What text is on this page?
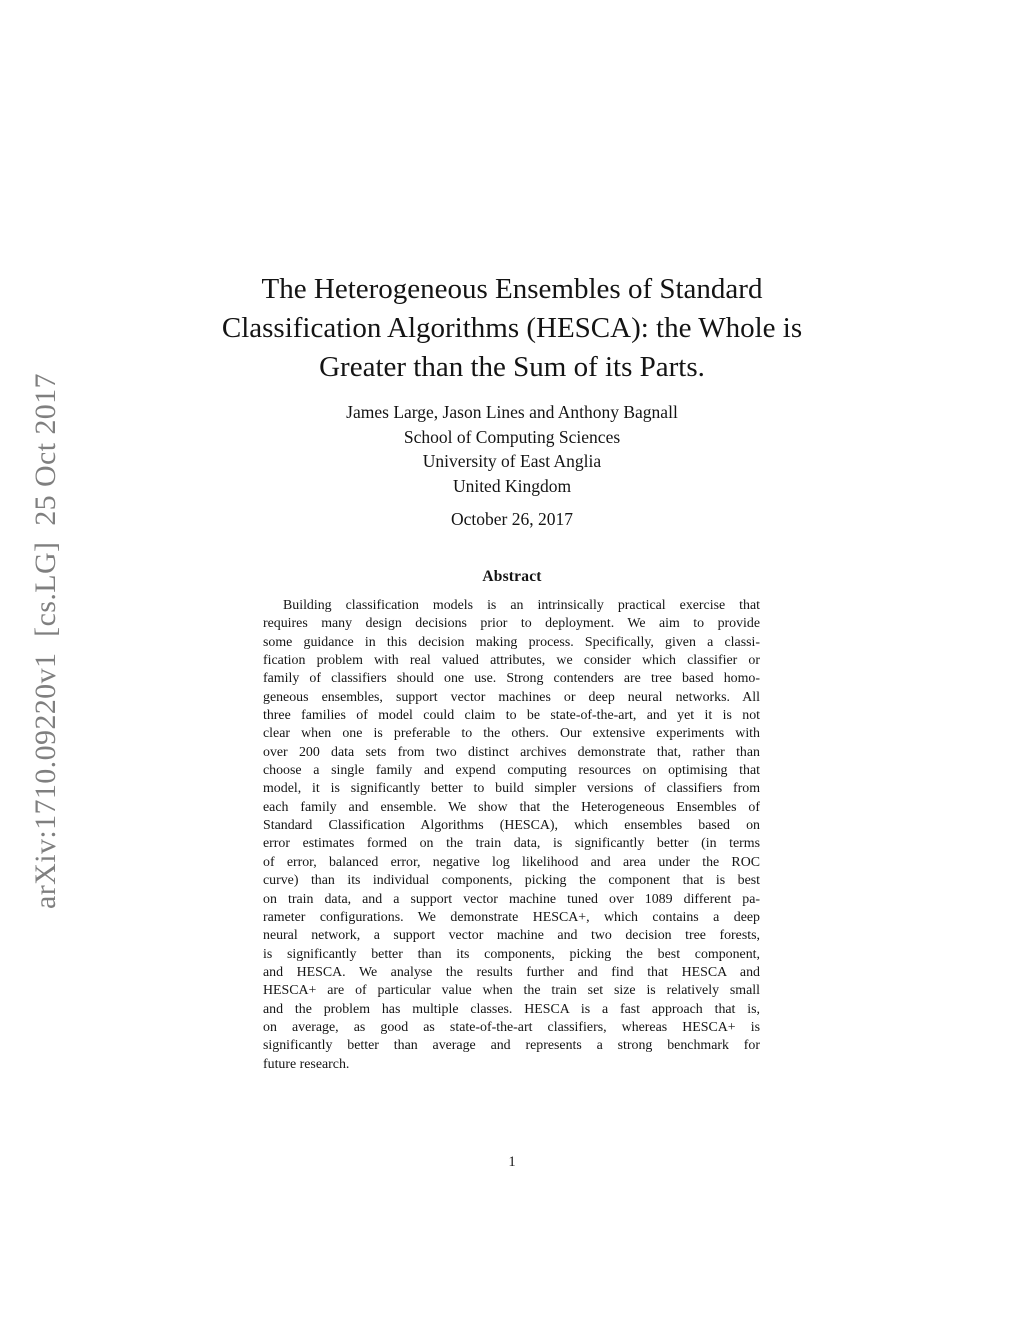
arXiv:1710.09220v1  [cs.LG]  25 Oct 2017
The Heterogeneous Ensembles of Standard
Classification Algorithms (HESCA): the Whole is
Greater than the Sum of its Parts.
James Large, Jason Lines and Anthony Bagnall
School of Computing Sciences
University of East Anglia
United Kingdom
October 26, 2017
Abstract
Building classification models is an intrinsically practical exercise that
requires many design decisions prior to deployment. We aim to provide
some guidance in this decision making process. Specifically, given a classi-
fication problem with real valued attributes, we consider which classifier or
family of classifiers should one use. Strong contenders are tree based homo-
geneous ensembles, support vector machines or deep neural networks. All
three families of model could claim to be state-of-the-art, and yet it is not
clear when one is preferable to the others. Our extensive experiments with
over 200 data sets from two distinct archives demonstrate that, rather than
choose a single family and expend computing resources on optimising that
model, it is significantly better to build simpler versions of classifiers from
each family and ensemble. We show that the Heterogeneous Ensembles of
Standard Classification Algorithms (HESCA), which ensembles based on
error estimates formed on the train data, is significantly better (in terms
of error, balanced error, negative log likelihood and area under the ROC
curve) than its individual components, picking the component that is best
on train data, and a support vector machine tuned over 1089 different pa-
rameter configurations. We demonstrate HESCA+, which contains a deep
neural network, a support vector machine and two decision tree forests,
is significantly better than its components, picking the best component,
and HESCA. We analyse the results further and find that HESCA and
HESCA+ are of particular value when the train set size is relatively small
and the problem has multiple classes. HESCA is a fast approach that is,
on average, as good as state-of-the-art classifiers, whereas HESCA+ is
significantly better than average and represents a strong benchmark for
future research.
1
